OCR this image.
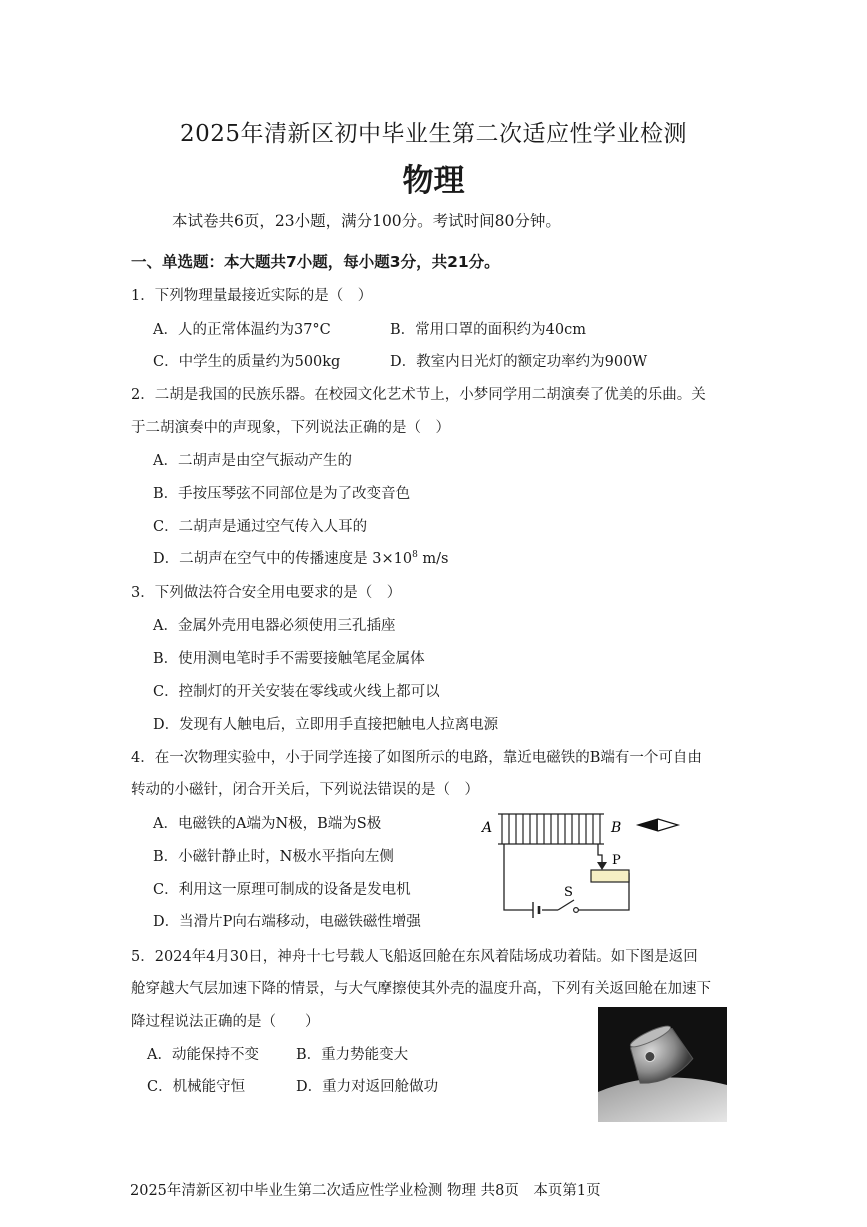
2025年清新区初中毕业生第二次适应性学业检测
物理
本试卷共6页，23小题，满分100分。考试时间80分钟。
一、单选题：本大题共7小题，每小题3分，共21分。
1．下列物理量最接近实际的是（　）
A．人的正常体温约为37°C	B．常用口罩的面积约为40cm
C．中学生的质量约为500kg	D．教室内日光灯的额定功率约为900W
2．二胡是我国的民族乐器。在校园文化艺术节上，小梦同学用二胡演奏了优美的乐曲。关
于二胡演奏中的声现象，下列说法正确的是（　）
A．二胡声是由空气振动产生的
B．手按压琴弦不同部位是为了改变音色
C．二胡声是通过空气传入人耳的
D．二胡声在空气中的传播速度是 $3\times 10^8$ m/s
3．下列做法符合安全用电要求的是（　）
A．金属外壳用电器必须使用三孔插座
B．使用测电笔时手不需要接触笔尾金属体
C．控制灯的开关安装在零线或火线上都可以
D．发现有人触电后，立即用手直接把触电人拉离电源
4．在一次物理实验中，小于同学连接了如图所示的电路，靠近电磁铁的B端有一个可自由
转动的小磁针，闭合开关后，下列说法错误的是（　）
A．电磁铁的A端为N极，B端为S极
B．小磁针静止时，N极水平指向左侧
C．利用这一原理可制成的设备是发电机
D．当滑片P向右端移动，电磁铁磁性增强
A	B
P
S
5．2024年4月30日，神舟十七号载人飞船返回舱在东风着陆场成功着陆。如下图是返回
舱穿越大气层加速下降的情景，与大气摩擦使其外壳的温度升高，下列有关返回舱在加速下
降过程说法正确的是（　　）
A．动能保持不变	B．重力势能变大
C．机械能守恒	D．重力对返回舱做功
2025年清新区初中毕业生第二次适应性学业检测 物理 共8页　本页第1页
